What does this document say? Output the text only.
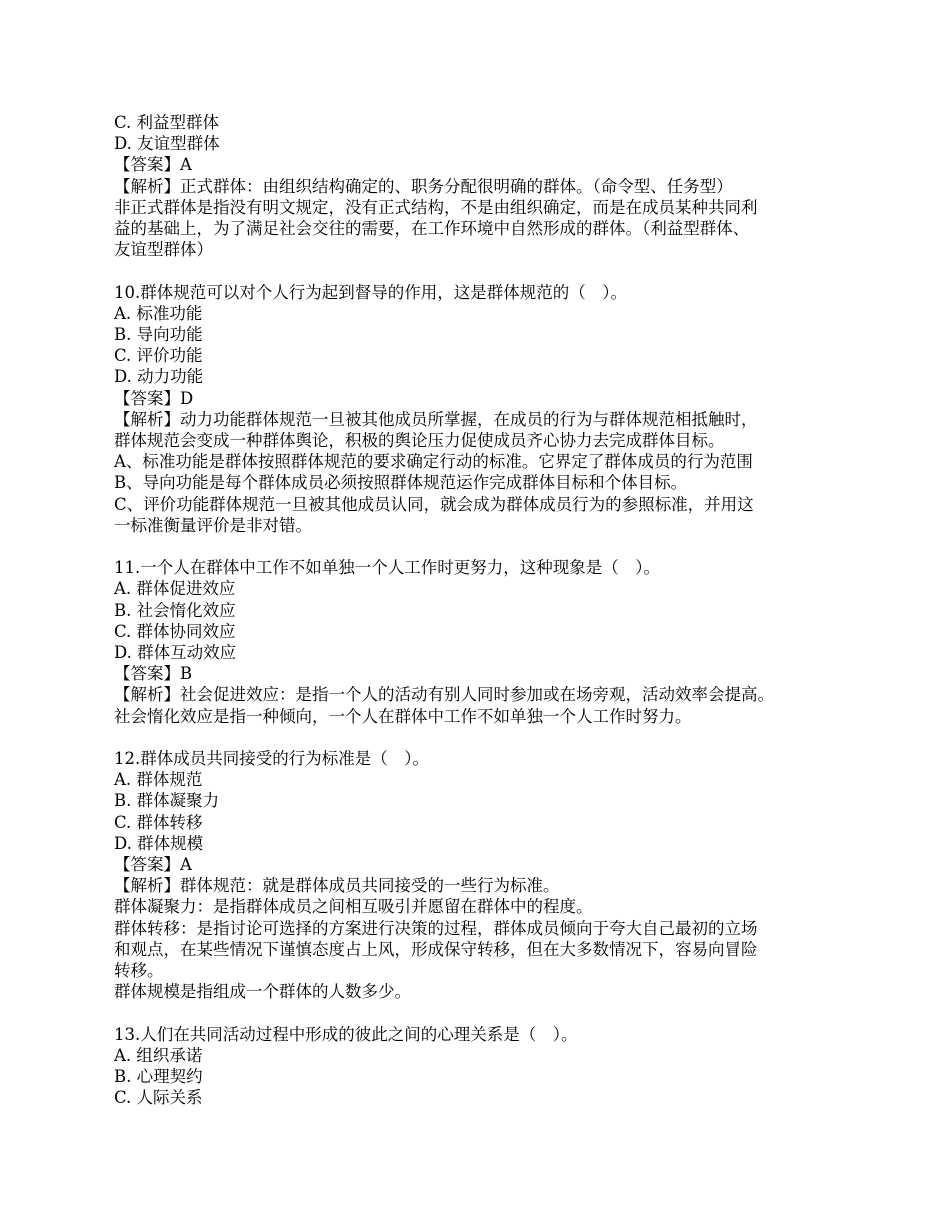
C. 利益型群体
D. 友谊型群体
【答案】A
【解析】正式群体：由组织结构确定的、职务分配很明确的群体。（命令型、任务型）
非正式群体是指没有明文规定，没有正式结构，不是由组织确定，而是在成员某种共同利
益的基础上，为了满足社会交往的需要，在工作环境中自然形成的群体。（利益型群体、
友谊型群体）
10.群体规范可以对个人行为起到督导的作用，这是群体规范的（　）。
A. 标准功能
B. 导向功能
C. 评价功能
D. 动力功能
【答案】D
【解析】动力功能群体规范一旦被其他成员所掌握，在成员的行为与群体规范相抵触时，
群体规范会变成一种群体舆论，积极的舆论压力促使成员齐心协力去完成群体目标。
A、标准功能是群体按照群体规范的要求确定行动的标准。它界定了群体成员的行为范围
B、导向功能是每个群体成员必须按照群体规范运作完成群体目标和个体目标。
C、评价功能群体规范一旦被其他成员认同，就会成为群体成员行为的参照标准，并用这
一标准衡量评价是非对错。
11.一个人在群体中工作不如单独一个人工作时更努力，这种现象是（　）。
A. 群体促进效应
B. 社会惰化效应
C. 群体协同效应
D. 群体互动效应
【答案】B
【解析】社会促进效应：是指一个人的活动有别人同时参加或在场旁观，活动效率会提高。
社会惰化效应是指一种倾向，一个人在群体中工作不如单独一个人工作时努力。
12.群体成员共同接受的行为标准是（　）。
A. 群体规范
B. 群体凝聚力
C. 群体转移
D. 群体规模
【答案】A
【解析】群体规范：就是群体成员共同接受的一些行为标准。
群体凝聚力：是指群体成员之间相互吸引并愿留在群体中的程度。
群体转移：是指讨论可选择的方案进行决策的过程，群体成员倾向于夸大自己最初的立场
和观点，在某些情况下谨慎态度占上风，形成保守转移，但在大多数情况下，容易向冒险
转移。
群体规模是指组成一个群体的人数多少。
13.人们在共同活动过程中形成的彼此之间的心理关系是（　）。
A. 组织承诺
B. 心理契约
C. 人际关系
